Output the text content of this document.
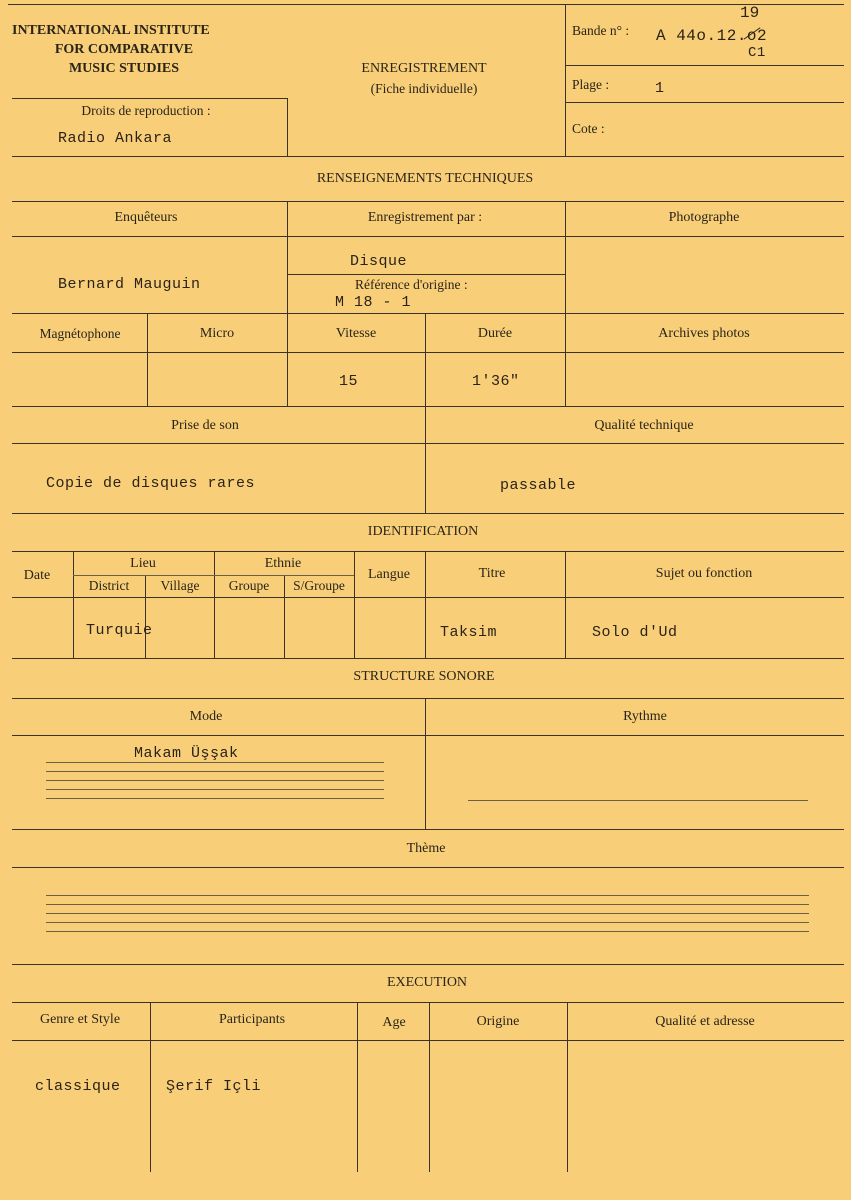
INTERNATIONAL INSTITUTE
FOR COMPARATIVE
MUSIC STUDIES	ENREGISTREMENT
(Fiche individuelle)
Droits de reproduction :
Radio Ankara
Bande n° : A 44o.12.o2
19
C1
Plage :	1
Cote :
RENSEIGNEMENTS TECHNIQUES
Enquêteurs	Enregistrement par :	Photographe
Bernard Mauguin
Disque
Référence d'origine :
M 18 - 1
Magnétophone	Micro	Vitesse	Durée	Archives photos
15	1'36"
Prise de son	Qualité technique
Copie de disques rares	passable
IDENTIFICATION
Date
Lieu
District Village
Ethnie
Groupe S/Groupe
Langue	Titre	Sujet ou fonction
Turquie	Taksim	Solo d'Ud
STRUCTURE SONORE
Mode	Rythme
Makam Üşşak
Thème
EXECUTION
Genre et Style	Participants	Age	Origine	Qualité et adresse
classique	Şerif Içli
